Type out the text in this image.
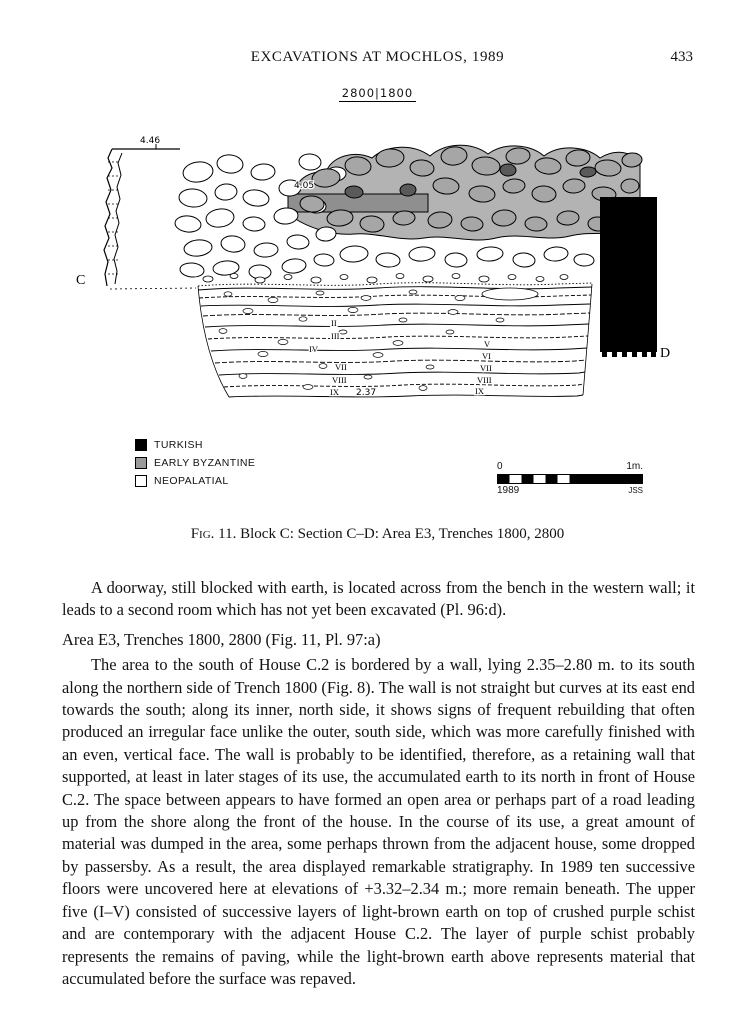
EXCAVATIONS AT MOCHLOS, 1989	433
2800|1800
4.46
4.05
2.37
C
D
II
III
IV
VII
VIII
IX
V
VI
VII
VIII
IX
TURKISH
EARLY BYZANTINE
NEOPALATIAL
0	1m.
1989	JSS
Fig. 11. Block C: Section C–D: Area E3, Trenches 1800, 2800

A doorway, still blocked with earth, is located across from the bench in the western wall; it leads to a second room which has not yet been excavated (Pl. 96:d).

Area E3, Trenches 1800, 2800 (Fig. 11, Pl. 97:a)

The area to the south of House C.2 is bordered by a wall, lying 2.35–2.80 m. to its south along the northern side of Trench 1800 (Fig. 8). The wall is not straight but curves at its east end towards the south; along its inner, north side, it shows signs of frequent rebuilding that often produced an irregular face unlike the outer, south side, which was more carefully finished with an even, vertical face. The wall is probably to be identified, therefore, as a retaining wall that supported, at least in later stages of its use, the accumulated earth to its north in front of House C.2. The space between appears to have formed an open area or perhaps part of a road leading up from the shore along the front of the house. In the course of its use, a great amount of material was dumped in the area, some perhaps thrown from the adjacent house, some dropped by passersby. As a result, the area displayed remarkable stratigraphy. In 1989 ten successive floors were uncovered here at elevations of +3.32–2.34 m.; more remain beneath. The upper five (I–V) consisted of successive layers of light-brown earth on top of crushed purple schist and are contemporary with the adjacent House C.2. The layer of purple schist probably represents the remains of paving, while the light-brown earth above represents material that accumulated before the surface was repaved.
